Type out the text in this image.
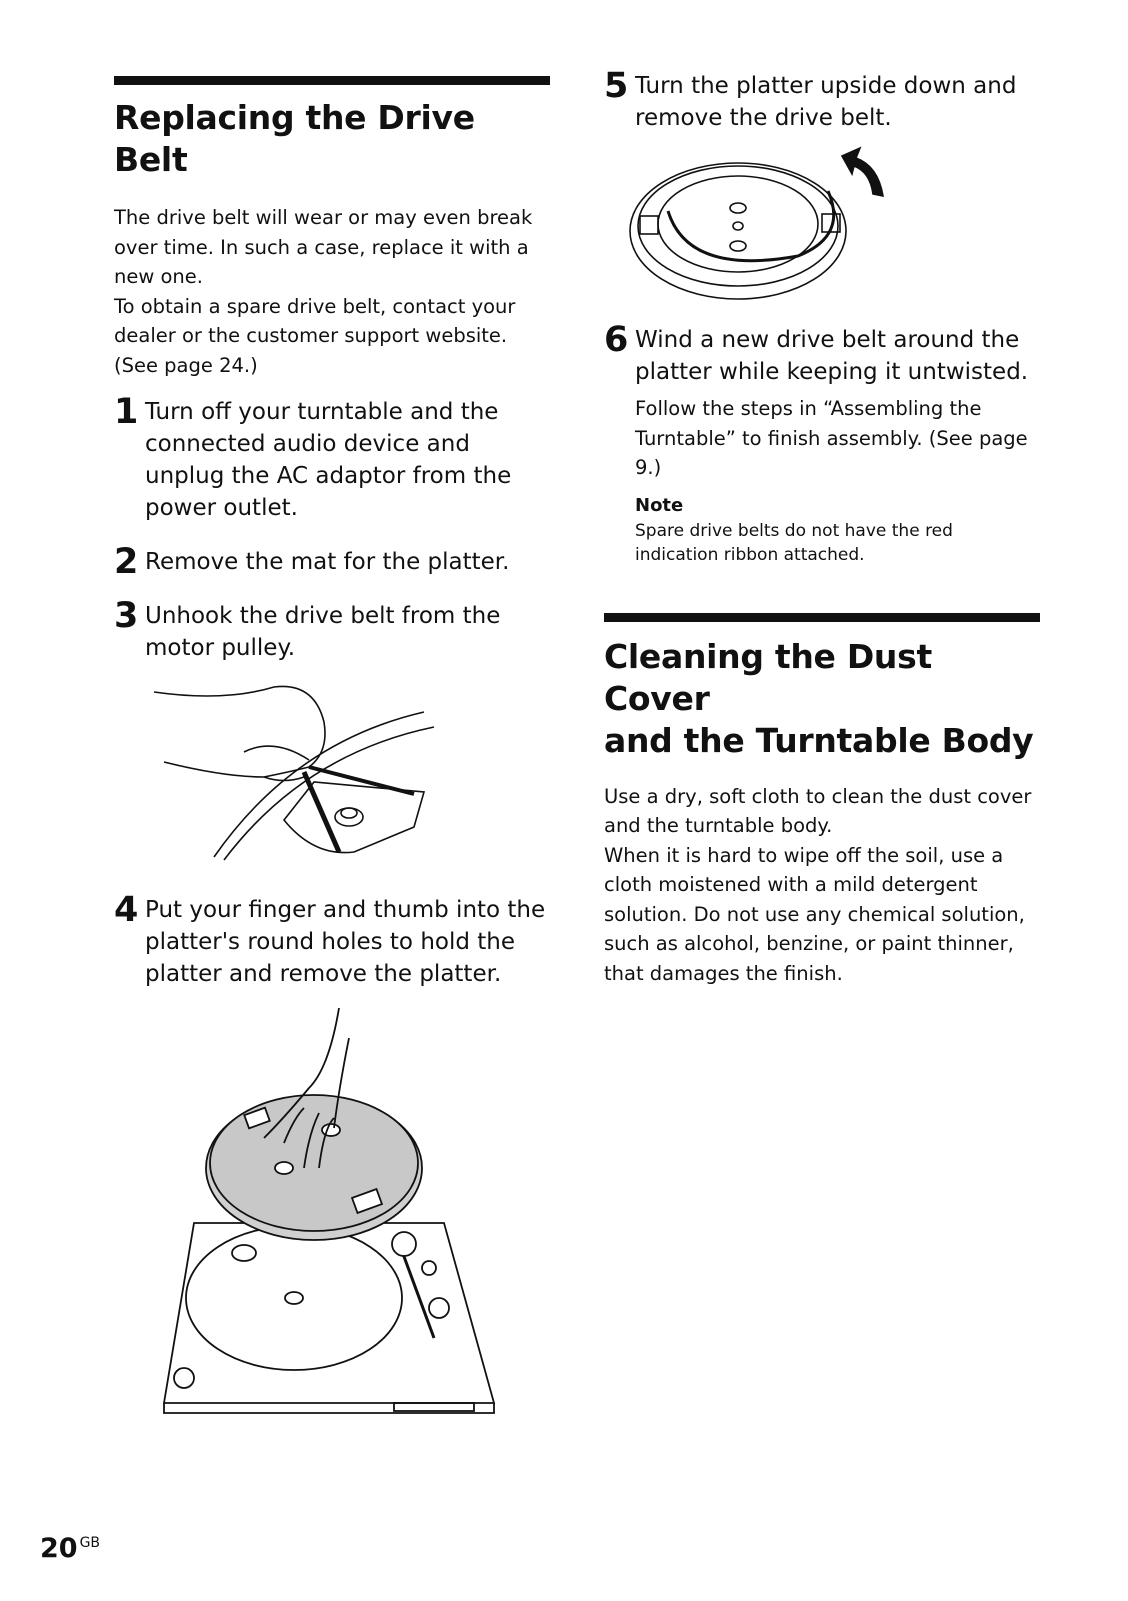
Replacing the Drive Belt

The drive belt will wear or may even break over time. In such a case, replace it with a new one.

To obtain a spare drive belt, contact your dealer or the customer support website. (See page 24.)

1 Turn off your turntable and the connected audio device and unplug the AC adaptor from the power outlet.
2 Remove the mat for the platter.
3 Unhook the drive belt from the motor pulley.
4 Put your finger and thumb into the platter's round holes to hold the platter and remove the platter.
5 Turn the platter upside down and remove the drive belt.
6 Wind a new drive belt around the platter while keeping it untwisted.
Follow the steps in “Assembling the Turntable” to finish assembly. (See page 9.)
Note
Spare drive belts do not have the red indication ribbon attached.
Cleaning the Dust Cover
and the Turntable Body

Use a dry, soft cloth to clean the dust cover and the turntable body.

When it is hard to wipe off the soil, use a cloth moistened with a mild detergent solution. Do not use any chemical solution, such as alcohol, benzine, or paint thinner, that damages the finish.

20 $^{GB}$
